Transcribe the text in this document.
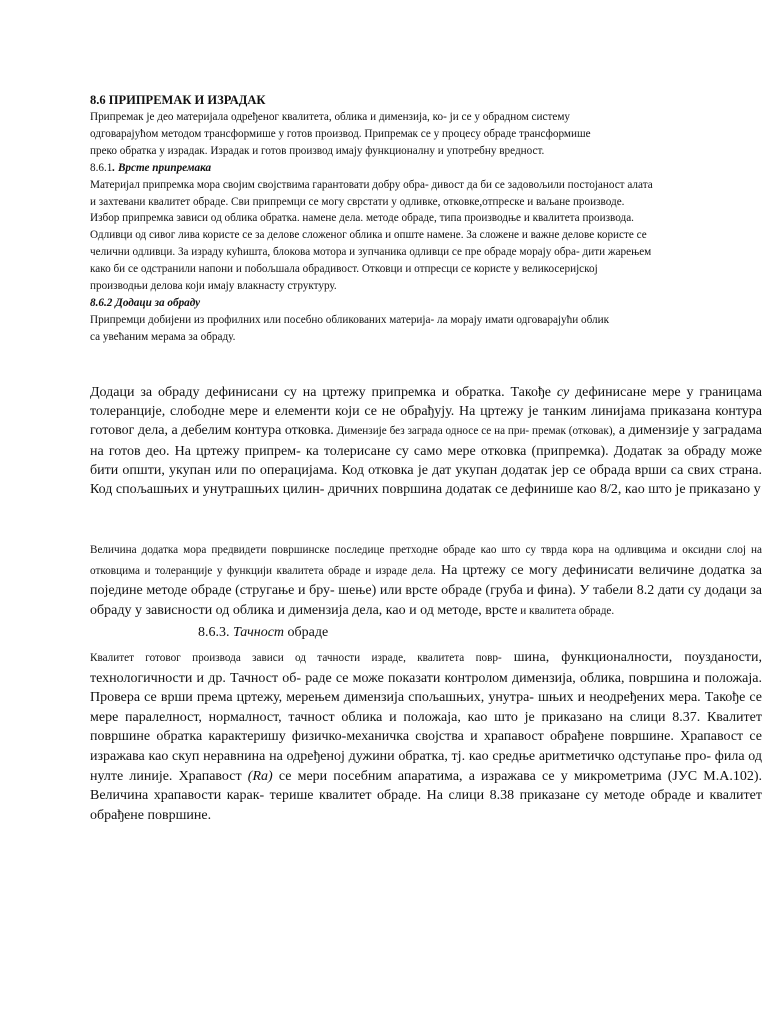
8.6 ПРИПРЕМАК И ИЗРАДАК

Припремак је део материјала одређеног квалитета, облика и димензија, ко- ји се у обрадном систему

одговарајућом методом трансформише у готов производ. Припремак се у процесу обраде трансформише

преко обратка у израдак. Израдак и готов производ имају функционалну и употребну вредност.

8.6.1. Врсте припремака

Материјал припремка мора својим својствима гарантовати добру обра- дивост да би се задовољили постојаност алата

и захтевани квалитет обраде. Сви припремци се могу сврстати у одливке, отковке,отпреске и ваљане производе.

Избор припремка зависи од облика обратка. намене дела. методе обраде, типа производње и квалитета производа.

Одливци од сивог лива користе се за делове сложеног облика и опште намене. За сложене и важне делове користе се

челични одливци. За израду кућишта, блокова мотора и зупчаника одливци се пре обраде морају обра- дити жарењем

како би се одстранили напони и побољшала обрадивост. Отковци и отпресци се користе у великосеријској

производњи делова који имају влакнасту структуру.

8.6.2 Додаци за обраду

Припремци добијени из профилних или посебно обликованих материја- ла морају имати одговарајући облик

са увећаним мерама за обраду.

Додаци за обраду дефинисани су на цртежу припремка и обратка. Такође су дефинисане мере у границама толеранције, слободне мере и елементи који се не обрађују. На цртежу је танким линијама приказана контура готовог дела, а дебелим контура отковка. Димензије без заграда односе се на при- премак (отковак), а димензије у заградама на готов део. На цртежу припрем- ка толерисане су само мере отковка (припремка). Додатак за обраду може бити општи, укупан или по операцијама. Код отковка је дат укупан додатак јер се обрада врши са свих страна. Код спољашњих и унутрашњих цилин- дричних површина додатак се дефинише као 8/2, као што је приказано у

Величина додатка мора предвидети површинске последице претходне обраде као што су тврда кора на одливцима и оксидни слој на отковцима и толеранције у функцији квалитета обраде и израде дела. На цртежу се могу дефинисати величине додатка за поједине методе обраде (стругање и бру- шење) или врсте обраде (груба и фина). У табели 8.2 дати су додаци за обраду у зависности од облика и димензија дела, као и од методе, врсте и квалитета обраде.

8.6.3. Тачност обраде

Квалитет готовог производа зависи од тачности израде, квалитета повр- шина, функционалности, поузданости, технологичности и др. Тачност об- раде се може показати контролом димензија, облика, површина и положаја. Провера се врши према цртежу, мерењем димензија спољашњих, унутра- шњих и неодређених мера. Такође се мере паралелност, нормалност, тачност облика и положаја, као што је приказано на слици 8.37. Квалитет површине обратка карактеришу физичко-механичка својства и храпавост обрађене површине. Храпавост се изражава као скуп неравнина на одређеној дужини обратка, тј. као средње аритметичко одступање про- фила од нулте линије. Храпавост (Ra) се мери посебним апаратима, а изражава се у микрометрима (ЈУС М.А.102). Величина храпавости карак- терише квалитет обраде. На слици 8.38 приказане су методе обраде и квалитет обрађене површине.
